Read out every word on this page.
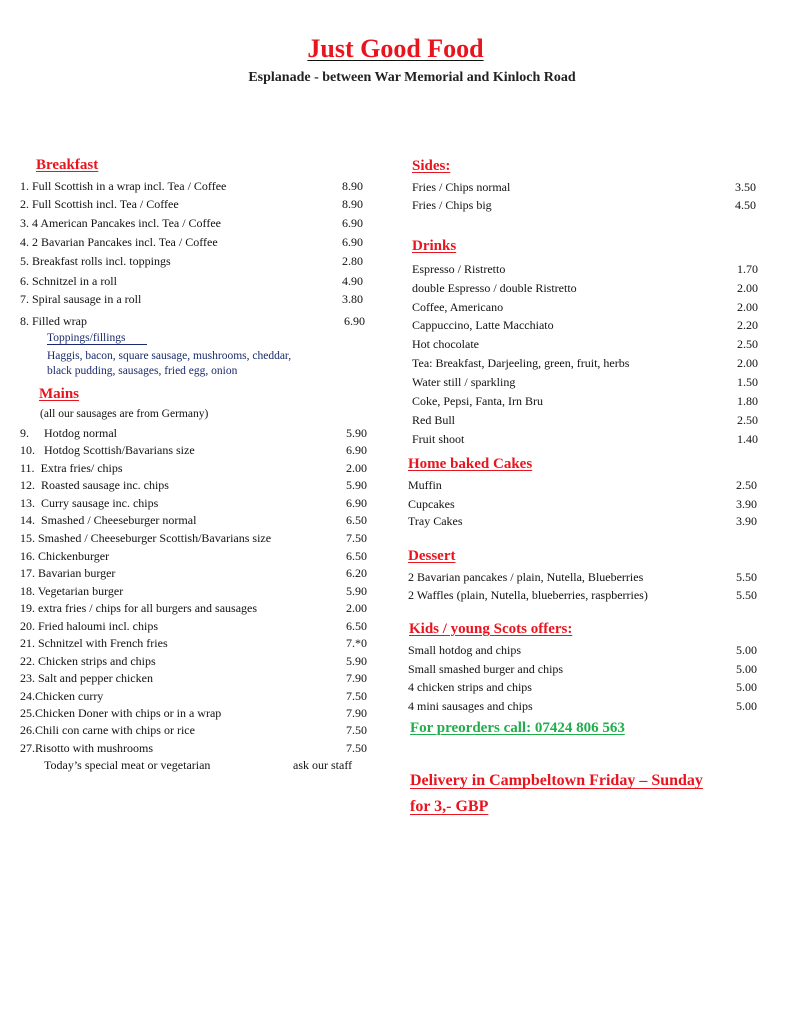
Just Good Food
Esplanade - between War Memorial and Kinloch Road
Breakfast
1. Full Scottish in a wrap incl. Tea / Coffee	8.90
2. Full Scottish incl. Tea / Coffee	8.90
3. 4 American Pancakes incl. Tea / Coffee	6.90
4. 2 Bavarian Pancakes incl. Tea / Coffee	6.90
5. Breakfast rolls incl. toppings	2.80
6. Schnitzel in a roll	4.90
7. Spiral sausage in a roll	3.80
8. Filled wrap	6.90
Toppings/fillings
Haggis, bacon, square sausage, mushrooms, cheddar,
black pudding, sausages, fried egg, onion
Mains
(all our sausages are from Germany)
9. Hotdog normal	5.90
10. Hotdog Scottish/Bavarians size	6.90
11. Extra fries/ chips	2.00
12. Roasted sausage inc. chips	5.90
13. Curry sausage inc. chips	6.90
14. Smashed / Cheeseburger normal	6.50
15. Smashed / Cheeseburger Scottish/Bavarians size	7.50
16. Chickenburger	6.50
17. Bavarian burger	6.20
18. Vegetarian burger	5.90
19. extra fries / chips for all burgers and sausages	2.00
20. Fried haloumi incl. chips	6.50
21. Schnitzel with French fries	7.*0
22. Chicken strips and chips	5.90
23. Salt and pepper chicken	7.90
24.Chicken curry	7.50
25.Chicken Doner with chips or in a wrap	7.90
26.Chili con carne with chips or rice	7.50
27.Risotto with mushrooms	7.50
Today’s special meat or vegetarian	ask our staff
Sides:
Fries / Chips normal	3.50
Fries / Chips big	4.50
Drinks
Espresso / Ristretto	1.70
double Espresso / double Ristretto	2.00
Coffee, Americano	2.00
Cappuccino, Latte Macchiato	2.20
Hot chocolate	2.50
Tea: Breakfast, Darjeeling, green, fruit, herbs	2.00
Water still / sparkling	1.50
Coke, Pepsi, Fanta, Irn Bru	1.80
Red Bull	2.50
Fruit shoot	1.40
Home baked Cakes
Muffin	2.50
Cupcakes	3.90
Tray Cakes	3.90
Dessert
2 Bavarian pancakes / plain, Nutella, Blueberries	5.50
2 Waffles (plain, Nutella, blueberries, raspberries)	5.50
Kids / young Scots offers:
Small hotdog and chips	5.00
Small smashed burger and chips	5.00
4 chicken strips and chips	5.00
4 mini sausages and chips	5.00
For preorders call: 07424 806 563
Delivery in Campbeltown Friday – Sunday
for 3,- GBP
